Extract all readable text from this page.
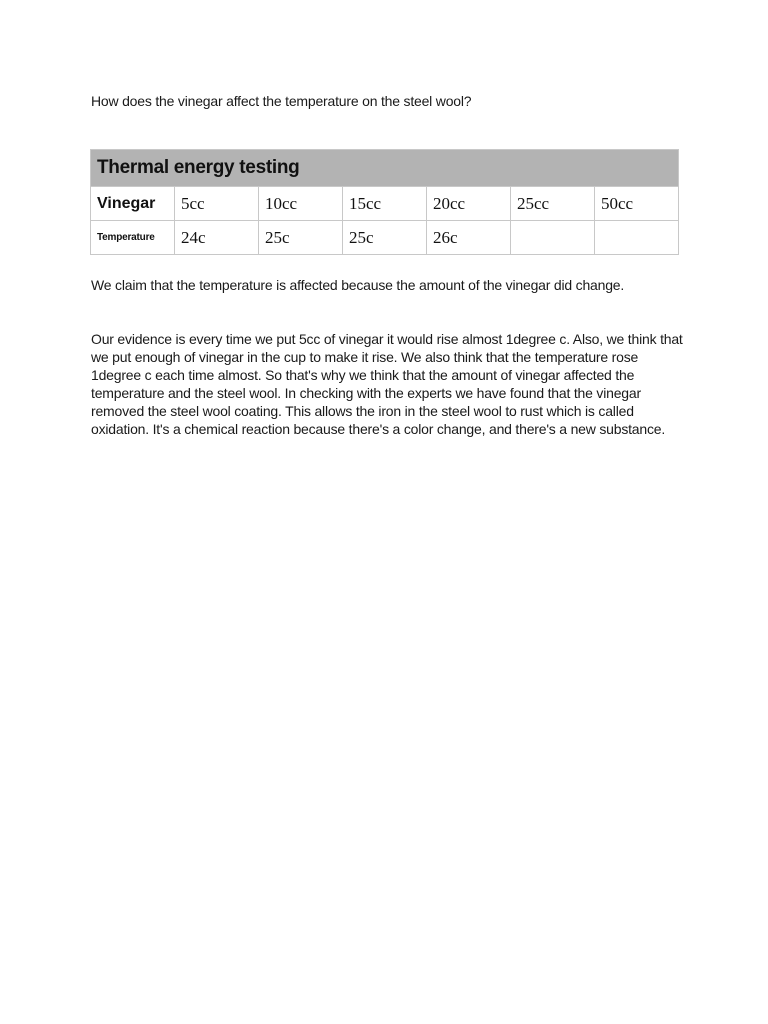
How does the vinegar affect the temperature on the steel wool?

Thermal energy testing						
Vinegar	5cc	10cc	15cc	20cc	25cc	50cc
Temperature	24c	25c	25c	26c		

We claim that the temperature is affected because the amount of the vinegar did change.

Our evidence is every time we put 5cc of vinegar it would rise almost 1degree c. Also, we think that we put enough of vinegar in the cup to make it rise. We also think that the temperature rose 1degree c each time almost. So that's why we think that the amount of vinegar affected the temperature and the steel wool. In checking with the experts we have found that the vinegar removed the steel wool coating. This allows the iron in the steel wool to rust which is called oxidation. It's a chemical reaction because there's a color change, and there's a new substance.
